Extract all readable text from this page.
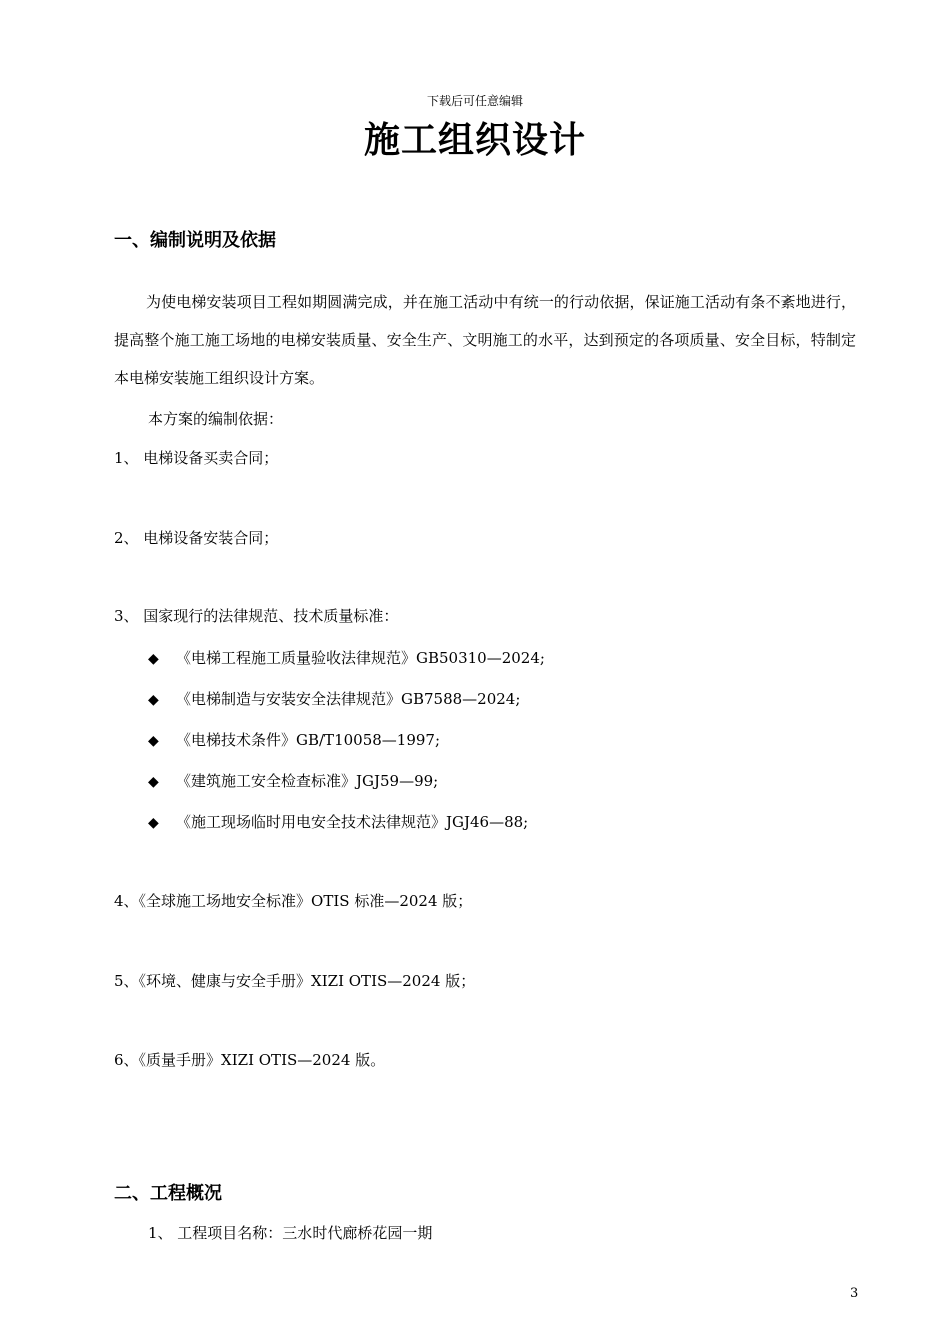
下载后可任意编辑
施工组织设计
一、编制说明及依据
为使电梯安装项目工程如期圆满完成，并在施工活动中有统一的行动依据，保证施工活动有条不紊地进行，提高整个施工施工场地的电梯安装质量、安全生产、文明施工的水平，达到预定的各项质量、安全目标，特制定本电梯安装施工组织设计方案。
本方案的编制依据：
1、 电梯设备买卖合同；
2、 电梯设备安装合同；
3、 国家现行的法律规范、技术质量标准：
◆ 《电梯工程施工质量验收法律规范》GB50310—2024;
◆ 《电梯制造与安装安全法律规范》GB7588—2024;
◆ 《电梯技术条件》GB/T10058—1997;
◆ 《建筑施工安全检查标准》JGJ59—99;
◆ 《施工现场临时用电安全技术法律规范》JGJ46—88;
4、《全球施工场地安全标准》OTIS 标准—2024 版；
5、《环境、健康与安全手册》XIZI OTIS—2024 版；
6、《质量手册》XIZI OTIS—2024 版。
二、工程概况
1、 工程项目名称：三水时代廊桥花园一期
3
